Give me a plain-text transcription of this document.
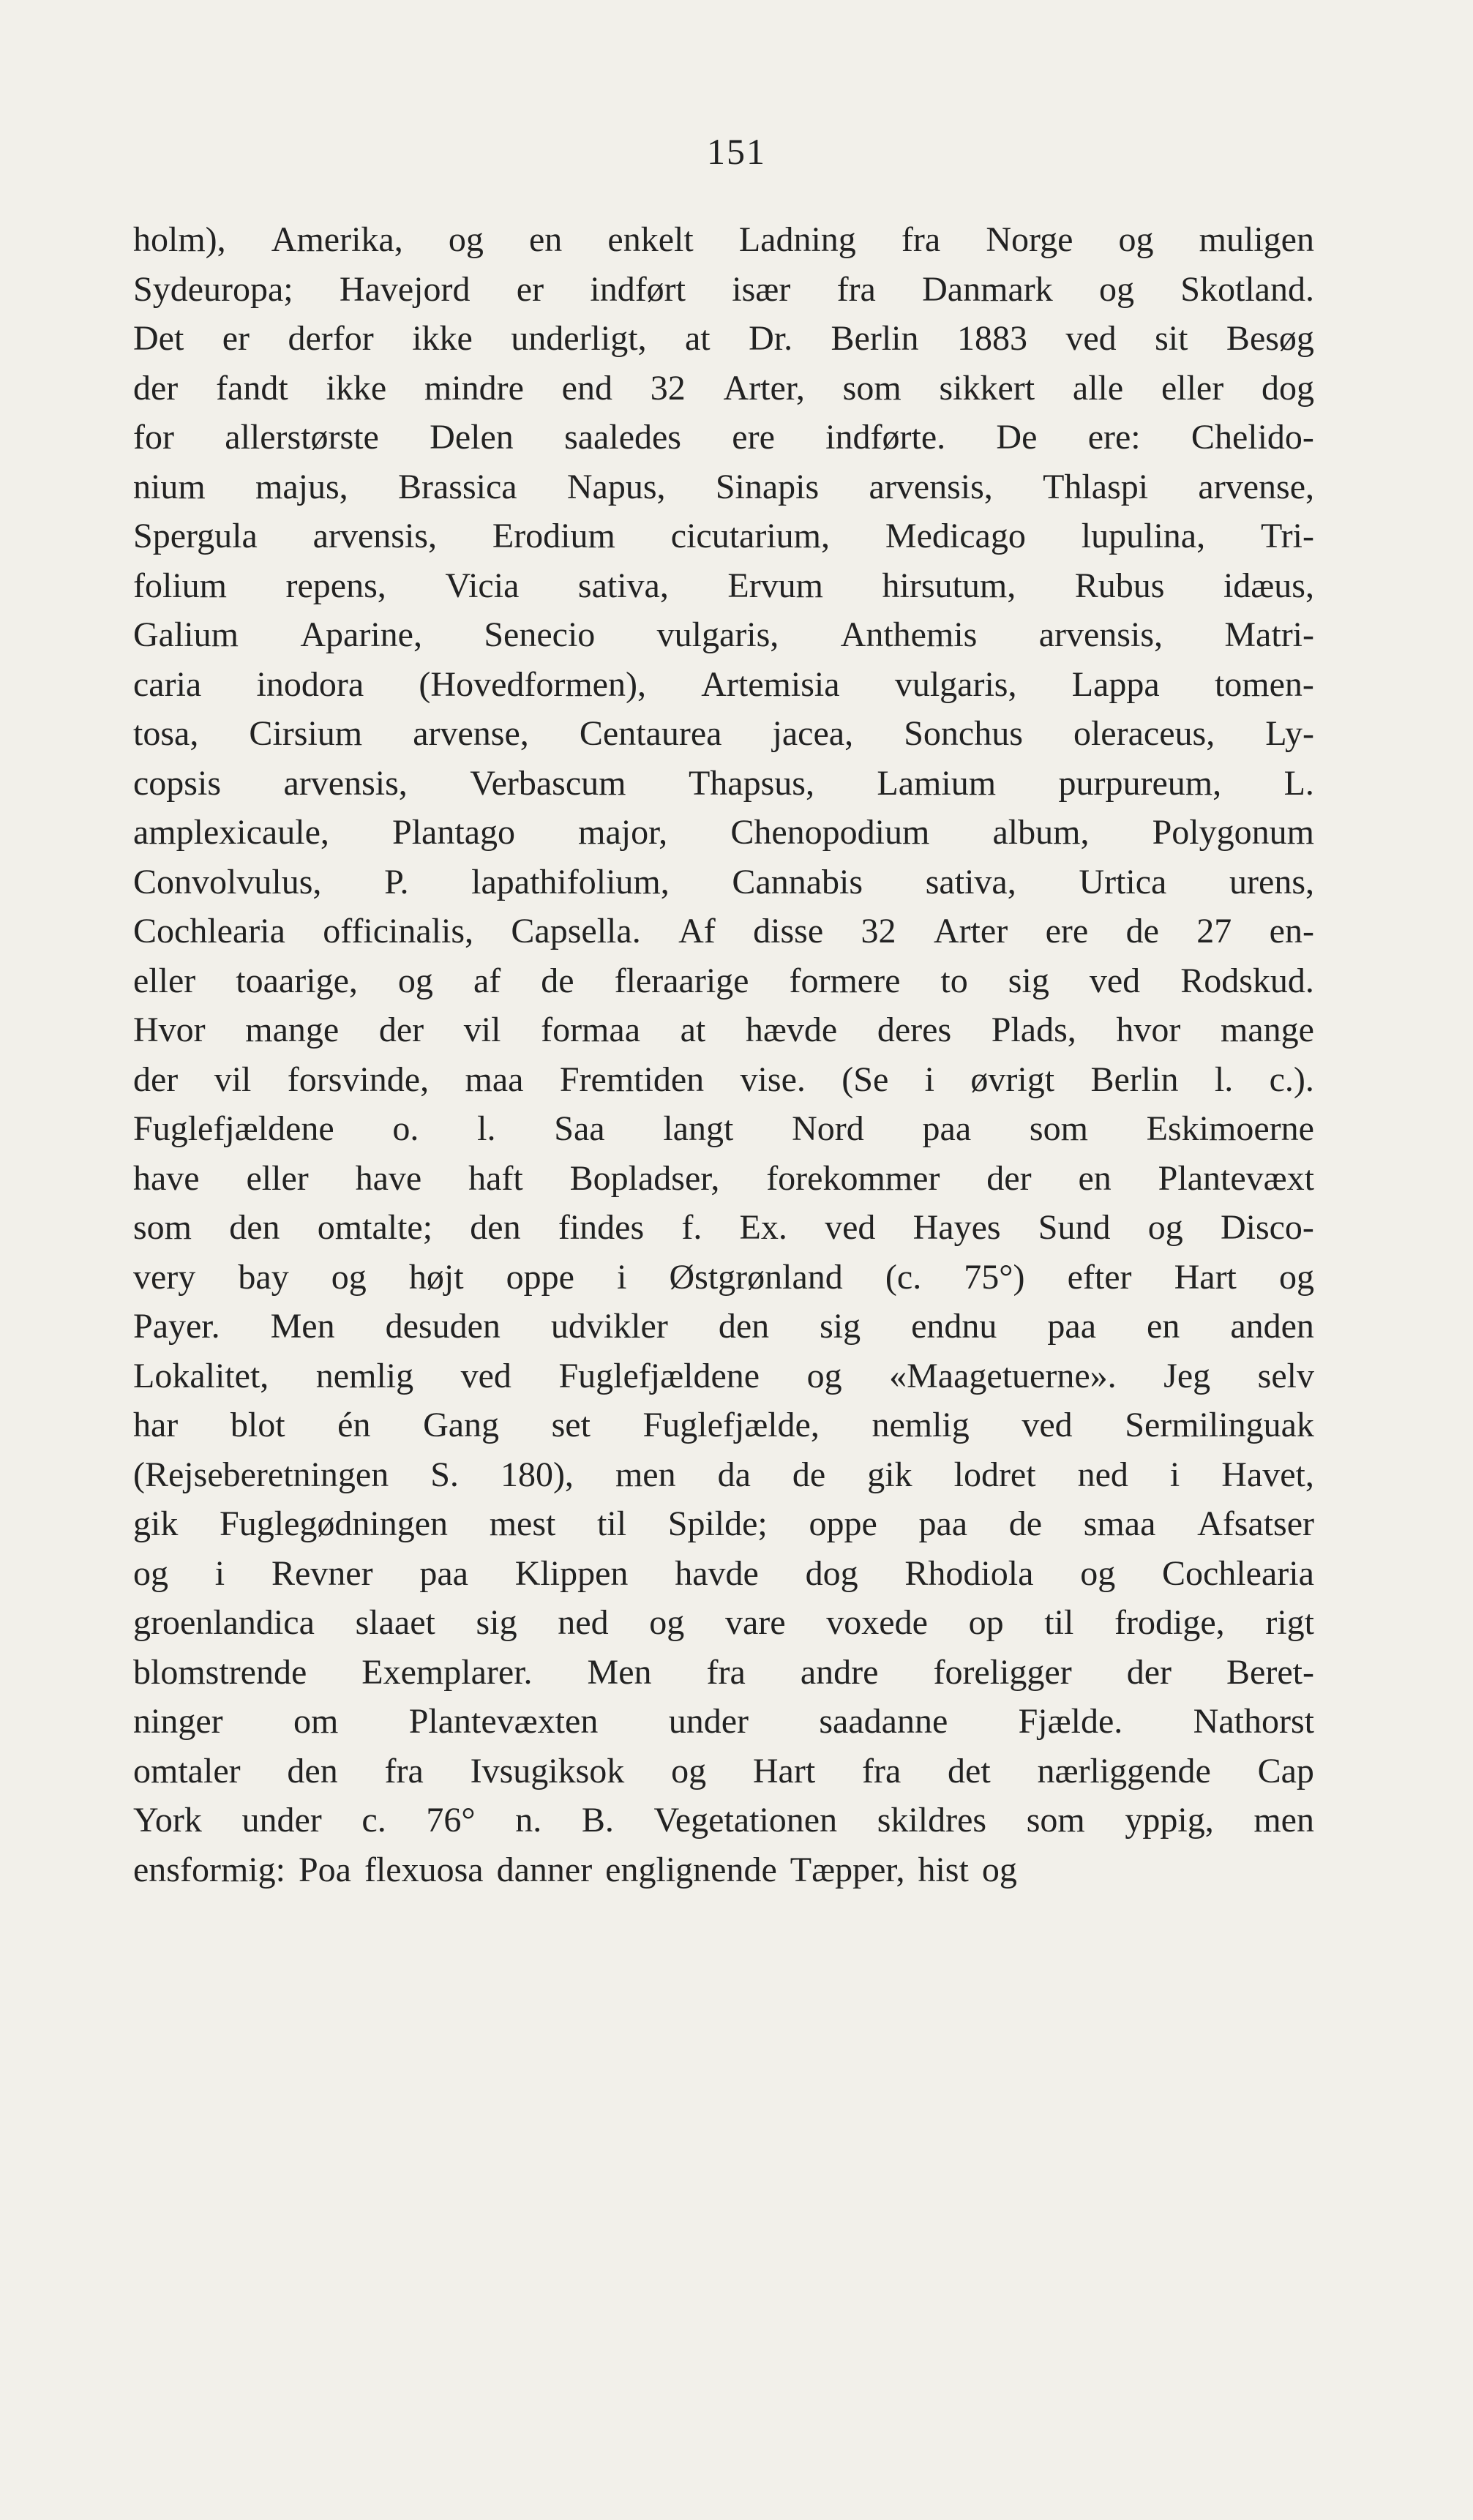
151
holm), Amerika, og en enkelt Ladning fra Norge og muligen
Sydeuropa; Havejord er indført især fra Danmark og Skotland.
Det er derfor ikke underligt, at Dr. Berlin 1883 ved sit Besøg
der fandt ikke mindre end 32 Arter, som sikkert alle eller dog
for allerstørste Delen saaledes ere indførte. De ere: Chelido-
nium majus, Brassica Napus, Sinapis arvensis, Thlaspi arvense,
Spergula arvensis, Erodium cicutarium, Medicago lupulina, Tri-
folium repens, Vicia sativa, Ervum hirsutum, Rubus idæus,
Galium Aparine, Senecio vulgaris, Anthemis arvensis, Matri-
caria inodora (Hovedformen), Artemisia vulgaris, Lappa tomen-
tosa, Cirsium arvense, Centaurea jacea, Sonchus oleraceus, Ly-
copsis arvensis, Verbascum Thapsus, Lamium purpureum, L.
amplexicaule, Plantago major, Chenopodium album, Polygonum
Convolvulus, P. lapathifolium, Cannabis sativa, Urtica urens,
Cochlearia officinalis, Capsella. Af disse 32 Arter ere de 27 en-
eller toaarige, og af de fleraarige formere to sig ved Rodskud.
Hvor mange der vil formaa at hævde deres Plads, hvor mange
der vil forsvinde, maa Fremtiden vise. (Se i øvrigt Berlin l. c.).
Fuglefjældene o. l. Saa langt Nord paa som Eskimoerne
have eller have haft Bopladser, forekommer der en Plantevæxt
som den omtalte; den findes f. Ex. ved Hayes Sund og Disco-
very bay og højt oppe i Østgrønland (c. 75°) efter Hart og
Payer. Men desuden udvikler den sig endnu paa en anden
Lokalitet, nemlig ved Fuglefjældene og «Maagetuerne». Jeg selv
har blot én Gang set Fuglefjælde, nemlig ved Sermilinguak
(Rejseberetningen S. 180), men da de gik lodret ned i Havet,
gik Fuglegødningen mest til Spilde; oppe paa de smaa Afsatser
og i Revner paa Klippen havde dog Rhodiola og Cochlearia
groenlandica slaaet sig ned og vare voxede op til frodige, rigt
blomstrende Exemplarer. Men fra andre foreligger der Beret-
ninger om Plantevæxten under saadanne Fjælde. Nathorst
omtaler den fra Ivsugiksok og Hart fra det nærliggende Cap
York under c. 76° n. B. Vegetationen skildres som yppig, men
ensformig: Poa flexuosa danner englignende Tæpper, hist og
